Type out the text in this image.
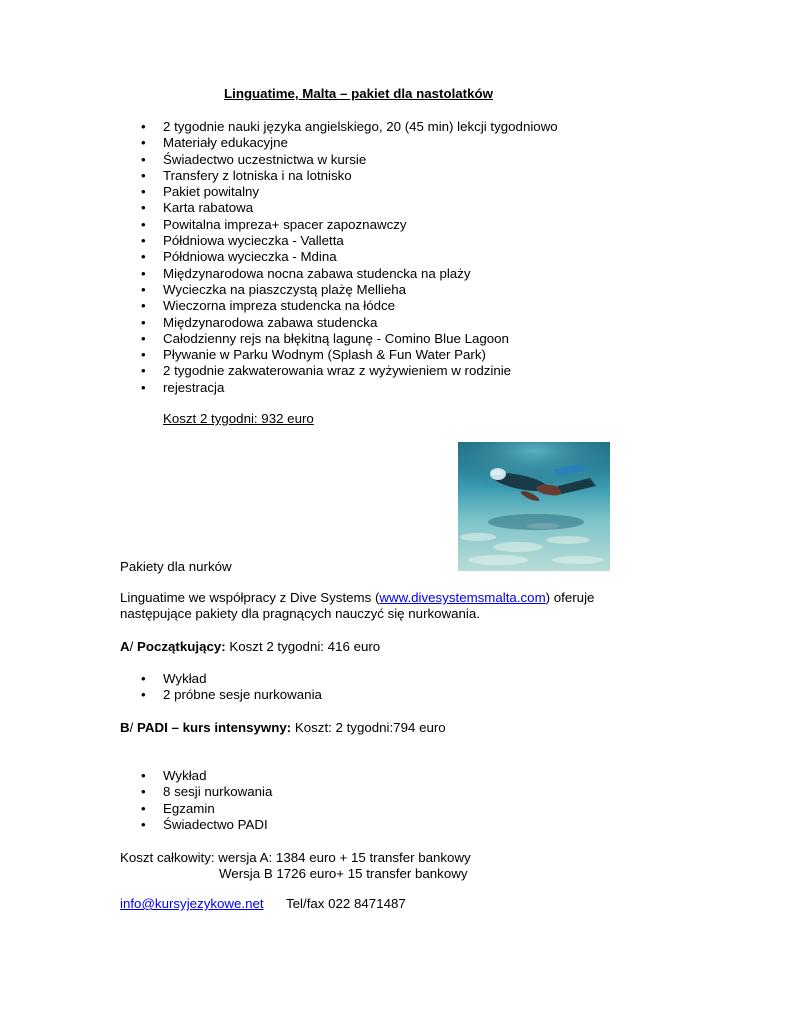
Linguatime, Malta – pakiet dla nastolatków
• 2 tygodnie nauki języka angielskiego, 20 (45 min) lekcji tygodniowo
• Materiały edukacyjne
• Świadectwo uczestnictwa w kursie
• Transfery z lotniska i na lotnisko
• Pakiet powitalny
• Karta rabatowa
• Powitalna impreza+ spacer zapoznawczy
• Półdniowa wycieczka - Valletta
• Półdniowa wycieczka - Mdina
• Międzynarodowa nocna zabawa studencka na plaży
• Wycieczka na piaszczystą plażę Mellieha
• Wieczorna impreza studencka na łódce
• Międzynarodowa zabawa studencka
• Całodzienny rejs na błękitną lagunę - Comino Blue Lagoon
• Pływanie w Parku Wodnym (Splash & Fun Water Park)
• 2 tygodnie zakwaterowania wraz z wyżywieniem w rodzinie
• rejestracja
Koszt 2 tygodni: 932 euro
Pakiety dla nurków
Linguatime we współpracy z Dive Systems (www.divesystemsmalta.com) oferuje
następujące pakiety dla pragnących nauczyć się nurkowania.
A/ Początkujący: Koszt 2 tygodni: 416 euro
• Wykład
• 2 próbne sesje nurkowania
B/ PADI – kurs intensywny: Koszt: 2 tygodni:794 euro
• Wykład
• 8 sesji nurkowania
• Egzamin
• Świadectwo PADI
Koszt całkowity: wersja A: 1384 euro + 15 transfer bankowy
Wersja B 1726 euro+ 15 transfer bankowy
info@kursyjezykowe.net Tel/fax 022 8471487
